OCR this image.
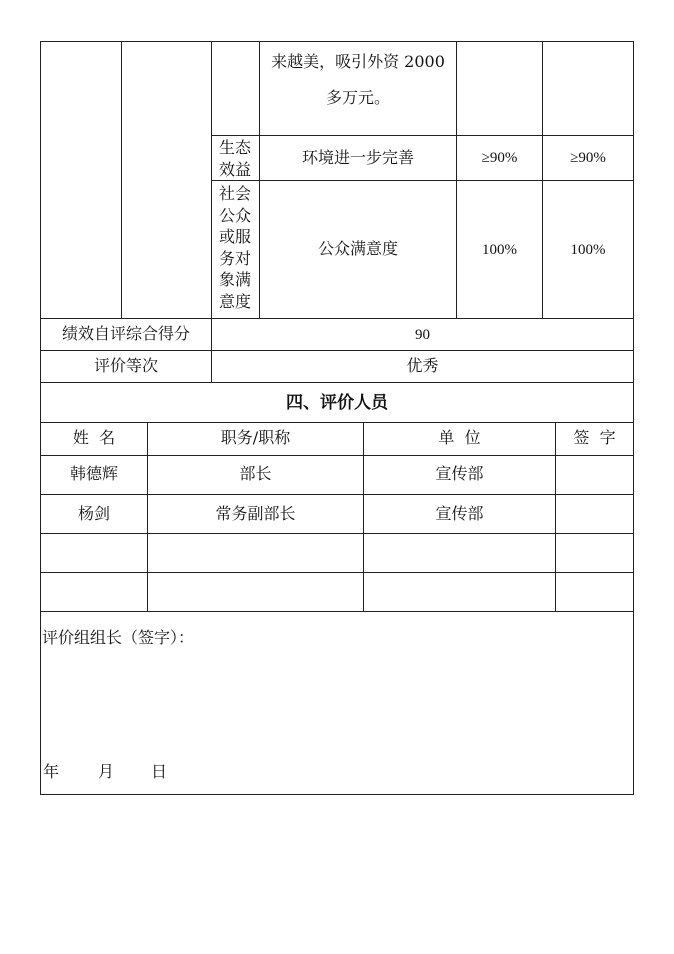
来越美，吸引外资 2000
多万元。
生态
效益
环境进一步完善	≥90%	≥90%
社会
公众
或服
务对
象满
意度
公众满意度	100%	100%
绩效自评综合得分	90
评价等次	优秀
四、评价人员
姓  名	职务/职称	单  位	签  字
韩德辉	部长	宣传部
杨剑	常务副部长	宣传部
评价组组长（签字）：
年 月 日
